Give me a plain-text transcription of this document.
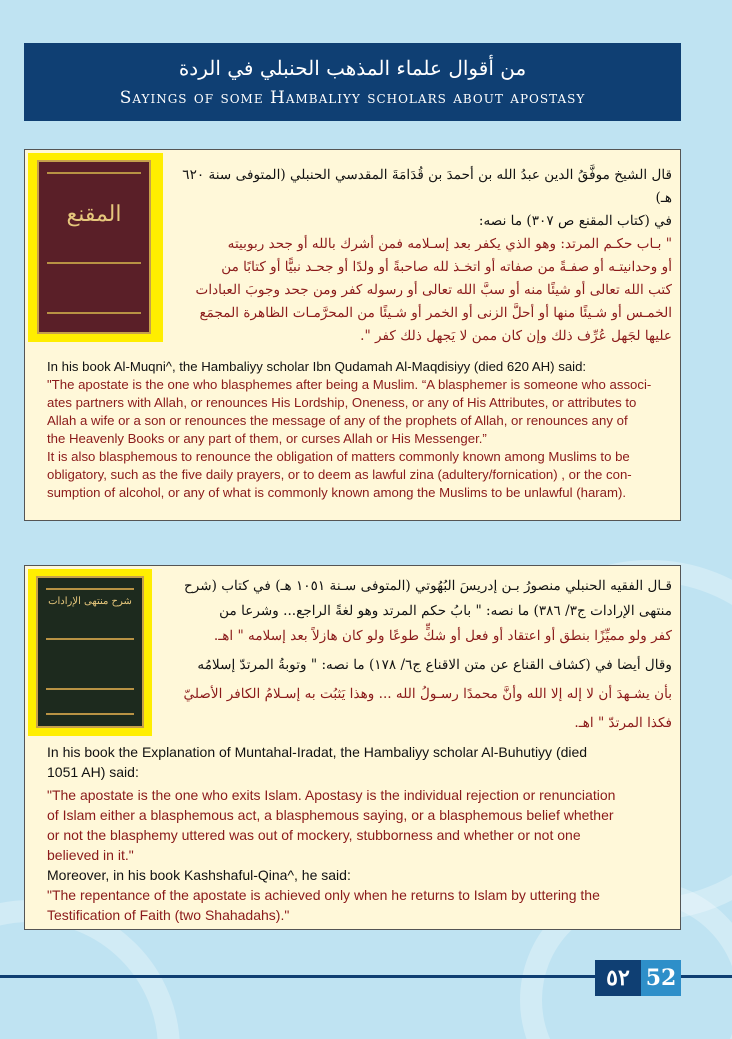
من أقوال علماء المذهب الحنبلي في الردة
Sayings of some Hambaliyy scholars about apostasy
المقنع
قال الشيخ موفَّقُ الدين عبدُ الله بن أحمدَ بن قُدَامَةَ المقدسي الحنبلي (المتوفى سنة ٦٢٠ هـ)
في (كتاب المقنع ص ٣٠٧) ما نصه:
" بـاب حكـم المرتد: وهو الذي يكفر بعد إسـلامه فمن أشرك بالله أو جحد ربوبيته
أو وحدانيتـه أو صفـةً من صفاته أو اتخـذ لله صاحبةً أو ولدًا أو جحـد نبيًّا أو كتابًا من
كتب الله تعالى أو شيئًا منه أو سبَّ الله تعالى أو رسوله كفر ومن جحد وجوبَ العبادات
الخمـس أو شـيئًا منها أو أحلَّ الزنى أو الخمر أو شـيئًا من المحرَّمـات الظاهرة المجمَع
عليها لجَهل عُرِّف ذلك وإن كان ممن لا يَجهل ذلك كفر ".
In his book Al-Muqni^, the Hambaliyy scholar Ibn Qudamah Al-Maqdisiyy (died 620 AH) said:
"The apostate is the one who blasphemes after being a Muslim. “A blasphemer is someone who associ-
ates partners with Allah, or renounces His Lordship, Oneness, or any of His Attributes, or attributes to
Allah a wife or a son or renounces the message of any of the prophets of Allah, or renounces any of
the Heavenly Books or any part of them, or curses Allah or His Messenger.”
It is also blasphemous to renounce the obligation of matters commonly known among Muslims to be
obligatory, such as the five daily prayers, or to deem as lawful zina (adultery/fornication) , or the con-
sumption of alcohol, or any of what is commonly known among the Muslims to be unlawful (haram).
شرح منتهى الإرادات
قـال الفقيه الحنبلي منصورُ بـن إدريسَ البُهُوتي (المتوفى سـنة ١٠٥١ هـ) في كتاب (شرح
منتهى الإرادات ج٣/ ٣٨٦) ما نصه: " بابُ حكم المرتد وهو لغةً الراجع... وشرعا من
كفر ولو مميِّزًا بنطق أو اعتقاد أو فعل أو شكٍّ طوعًا ولو كان هازلاً بعد إسلامه " اهـ.
وقال أيضا في (كشاف القناع عن متن الاقناع ج٦/ ١٧٨) ما نصه: " وتوبةُ المرتدّ إسلامُه
بأن يشـهدَ أن لا إله إلا الله وأنَّ محمدًا رسـولُ الله ... وهذا يَثبُت به إسـلامُ الكافر الأصليّ
فكذا المرتدّ " اهـ.
In his book the Explanation of Muntahal-Iradat, the Hambaliyy scholar Al-Buhutiyy (died
1051 AH) said:
"The apostate is the one who exits Islam. Apostasy is the individual rejection or renunciation
of Islam either a blasphemous act, a blasphemous saying, or a blasphemous belief whether
or not the blasphemy uttered was out of mockery, stubborness and whether or not one
believed in it."
Moreover, in his book Kashshaful-Qina^, he said:
"The repentance of the apostate is achieved only when he returns to Islam by uttering the
Testification of Faith (two Shahadahs)."
٥٢ 52
